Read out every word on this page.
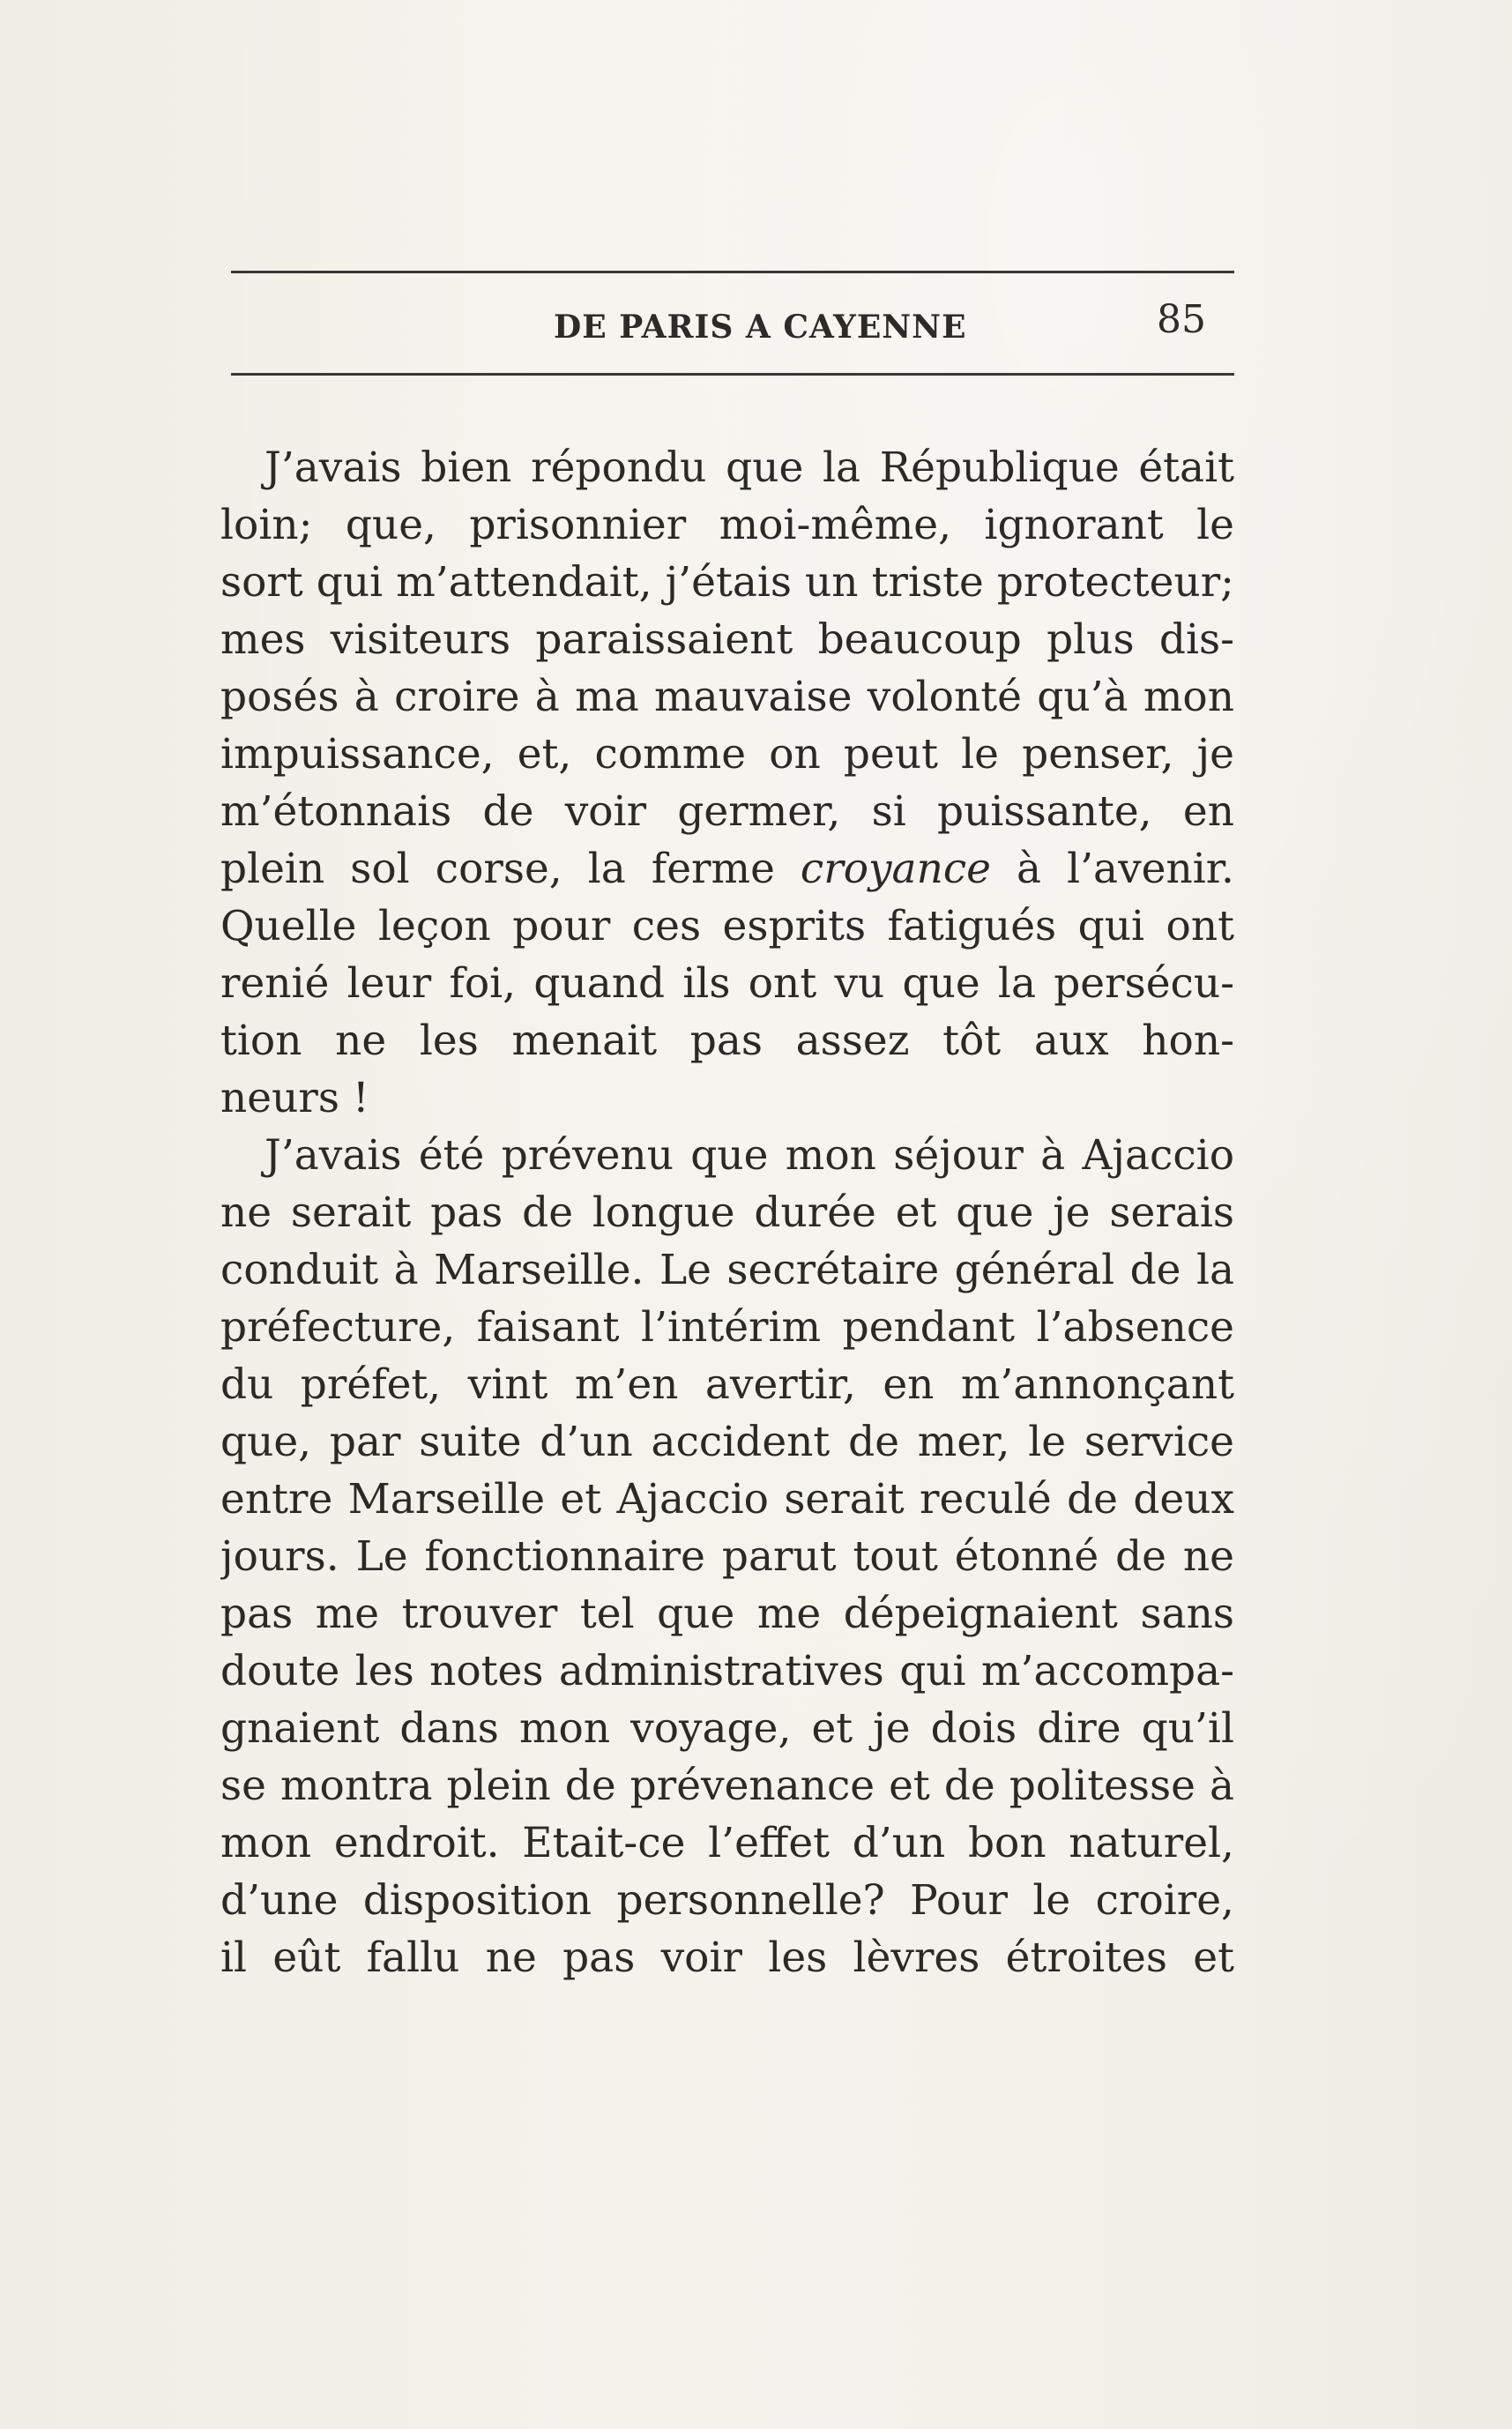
DE PARIS A CAYENNE	85
J’avais bien répondu que la République était
loin; que, prisonnier moi-même, ignorant le
sort qui m’attendait, j’étais un triste protecteur;
mes visiteurs paraissaient beaucoup plus dis-
posés à croire à ma mauvaise volonté qu’à mon
impuissance, et, comme on peut le penser, je
m’étonnais de voir germer, si puissante, en
plein sol corse, la ferme croyance à l’avenir.
Quelle leçon pour ces esprits fatigués qui ont
renié leur foi, quand ils ont vu que la persécu-
tion ne les menait pas assez tôt aux hon-
neurs !
J’avais été prévenu que mon séjour à Ajaccio
ne serait pas de longue durée et que je serais
conduit à Marseille. Le secrétaire général de la
préfecture, faisant l’intérim pendant l’absence
du préfet, vint m’en avertir, en m’annonçant
que, par suite d’un accident de mer, le service
entre Marseille et Ajaccio serait reculé de deux
jours. Le fonctionnaire parut tout étonné de ne
pas me trouver tel que me dépeignaient sans
doute les notes administratives qui m’accompa-
gnaient dans mon voyage, et je dois dire qu’il
se montra plein de prévenance et de politesse à
mon endroit. Etait-ce l’effet d’un bon naturel,
d’une disposition personnelle? Pour le croire,
il eût fallu ne pas voir les lèvres étroites et
